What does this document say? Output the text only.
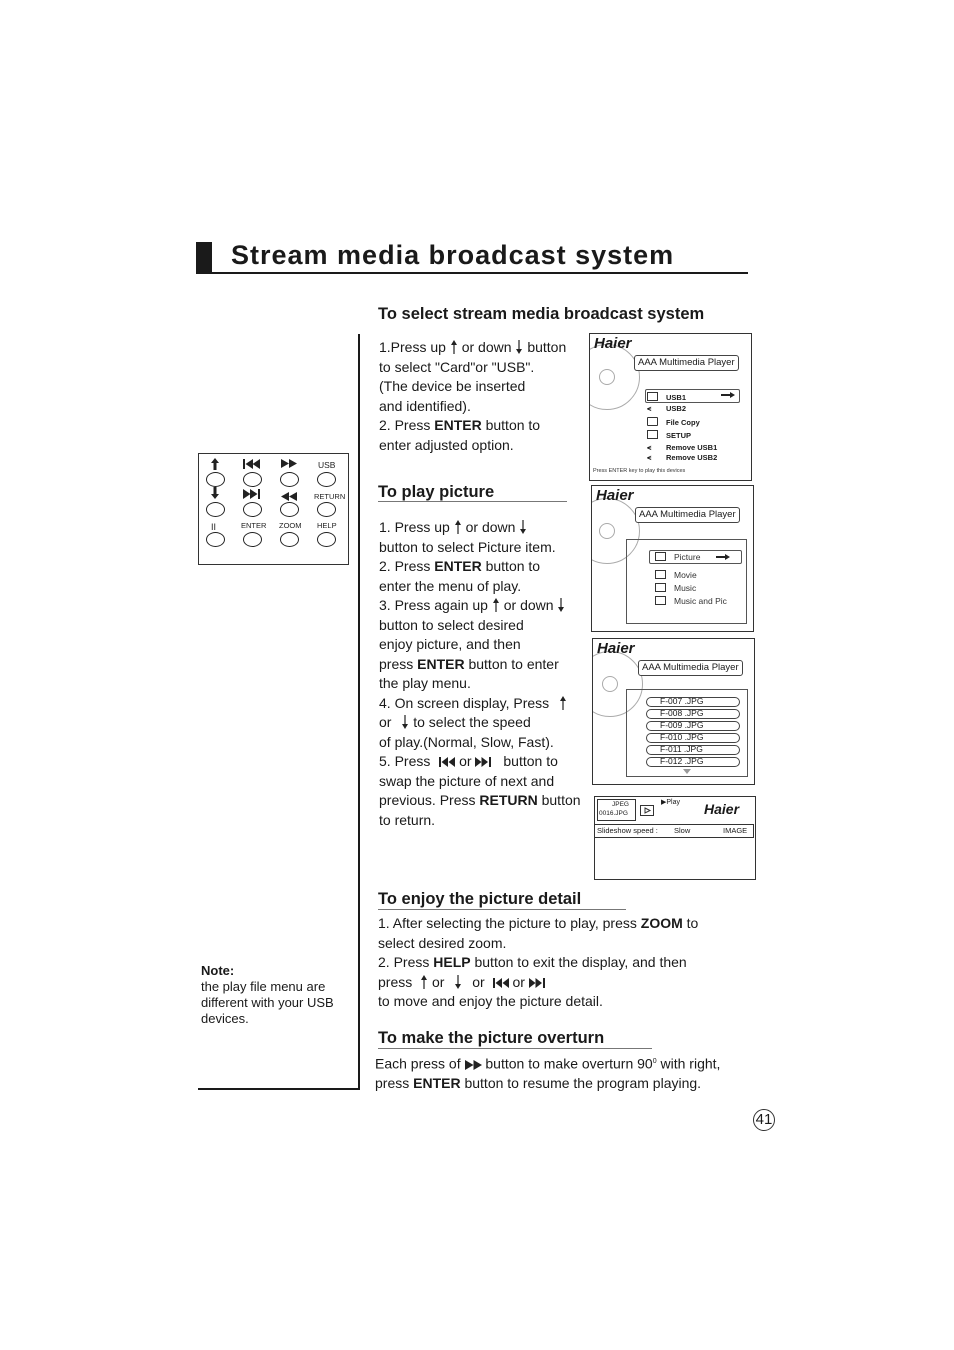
Stream media broadcast system
USB
RETURN
II	ENTER ZOOM HELP
Note:
the play file menu are
different with your USB
devices.
To select stream media broadcast system
1.Press up or down button
to select "Card"or "USB".
(The device be inserted
and identified).
2. Press ENTER button to
enter adjusted option.
Haier
AAA Multimedia Player
USB1
⪪ USB2
File Copy
SETUP
⪪ Remove USB1
⪪ Remove USB2
Press ENTER key to play this devices
To play picture
1. Press up or down
button to select Picture item.
2. Press ENTER button to
enter the menu of play.
3. Press again up or down
button to select desired
enjoy picture, and then
press ENTER button to enter
the play menu.
4. On screen display, Press
or to select the speed
of play.(Normal, Slow, Fast).
5. Press or button to
swap the picture of next and
previous. Press RETURN button
to return.
Haier
AAA Multimedia Player
Picture
Movie
Music
Music and Pic
Haier
AAA Multimedia Player
F-007 .JPG
F-008 .JPG
F-009 .JPG
F-010 .JPG
F-011 .JPG
F-012 .JPG
JPEG
0016.JPG
▶Play Haier
Slideshow speed : Slow	IMAGE
To enjoy the picture detail
1. After selecting the picture to play, press ZOOM to
select desired zoom.
2. Press HELP button to exit the display, and then
press or or or
to move and enjoy the picture detail.
To make the picture overturn
Each press of button to make overturn $90^0$ with right,
press ENTER button to resume the program playing.
41
